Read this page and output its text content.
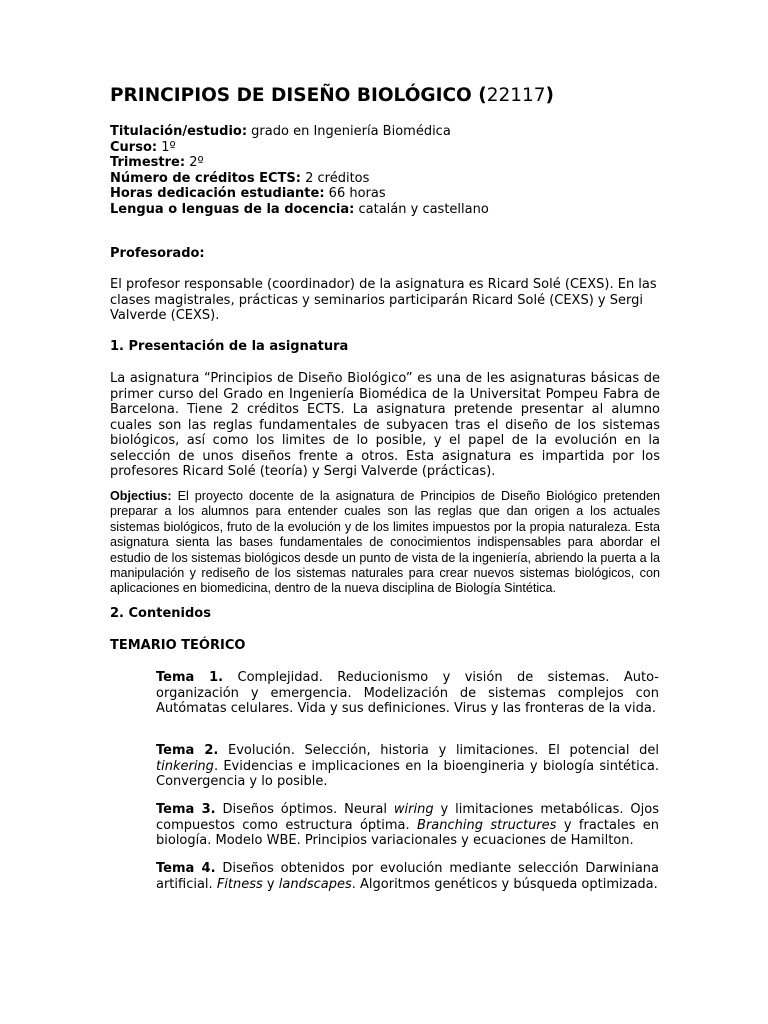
PRINCIPIOS DE DISEÑO BIOLÓGICO (22117)
Titulación/estudio: grado en Ingeniería Biomédica
Curso: 1º
Trimestre: 2º
Número de créditos ECTS: 2 créditos
Horas dedicación estudiante: 66 horas
Lengua o lenguas de la docencia: catalán y castellano
Profesorado:
El profesor responsable (coordinador) de la asignatura es Ricard Solé (CEXS). En las clases magistrales, prácticas y seminarios participarán Ricard Solé (CEXS) y Sergi Valverde (CEXS).
1. Presentación de la asignatura
La asignatura “Principios de Diseño Biológico” es una de les asignaturas básicas de primer curso del Grado en Ingeniería Biomédica de la Universitat Pompeu Fabra de Barcelona. Tiene 2 créditos ECTS. La asignatura pretende presentar al alumno cuales son las reglas fundamentales de subyacen tras el diseño de los sistemas biológicos, así como los limites de lo posible, y el papel de la evolución en la selección de unos diseños frente a otros. Esta asignatura es impartida por los profesores Ricard Solé (teoría) y Sergi Valverde (prácticas).
Objectius: El proyecto docente de la asignatura de Principios de Diseño Biológico pretenden preparar a los alumnos para entender cuales son las reglas que dan origen a los actuales sistemas biológicos, fruto de la evolución y de los limites impuestos por la propia naturaleza. Esta asignatura sienta las bases fundamentales de conocimientos indispensables para abordar el estudio de los sistemas biológicos desde un punto de vista de la ingeniería, abriendo la puerta a la manipulación y rediseño de los sistemas naturales para crear nuevos sistemas biológicos, con aplicaciones en biomedicina, dentro de la nueva disciplina de Biología Sintética.
2. Contenidos
TEMARIO TEÓRICO
Tema 1. Complejidad. Reducionismo y visión de sistemas. Auto-organización y emergencia. Modelización de sistemas complejos con Autómatas celulares. Vida y sus definiciones. Virus y las fronteras de la vida.
Tema 2. Evolución. Selección, historia y limitaciones. El potencial del tinkering. Evidencias e implicaciones en la bioengineria y biología sintética. Convergencia y lo posible.
Tema 3. Diseños óptimos. Neural wiring y limitaciones metabólicas. Ojos compuestos como estructura óptima. Branching structures y fractales en biología. Modelo WBE. Principios variacionales y ecuaciones de Hamilton.
Tema 4. Diseños obtenidos por evolución mediante selección Darwiniana artificial. Fitness y landscapes. Algoritmos genéticos y búsqueda optimizada.
